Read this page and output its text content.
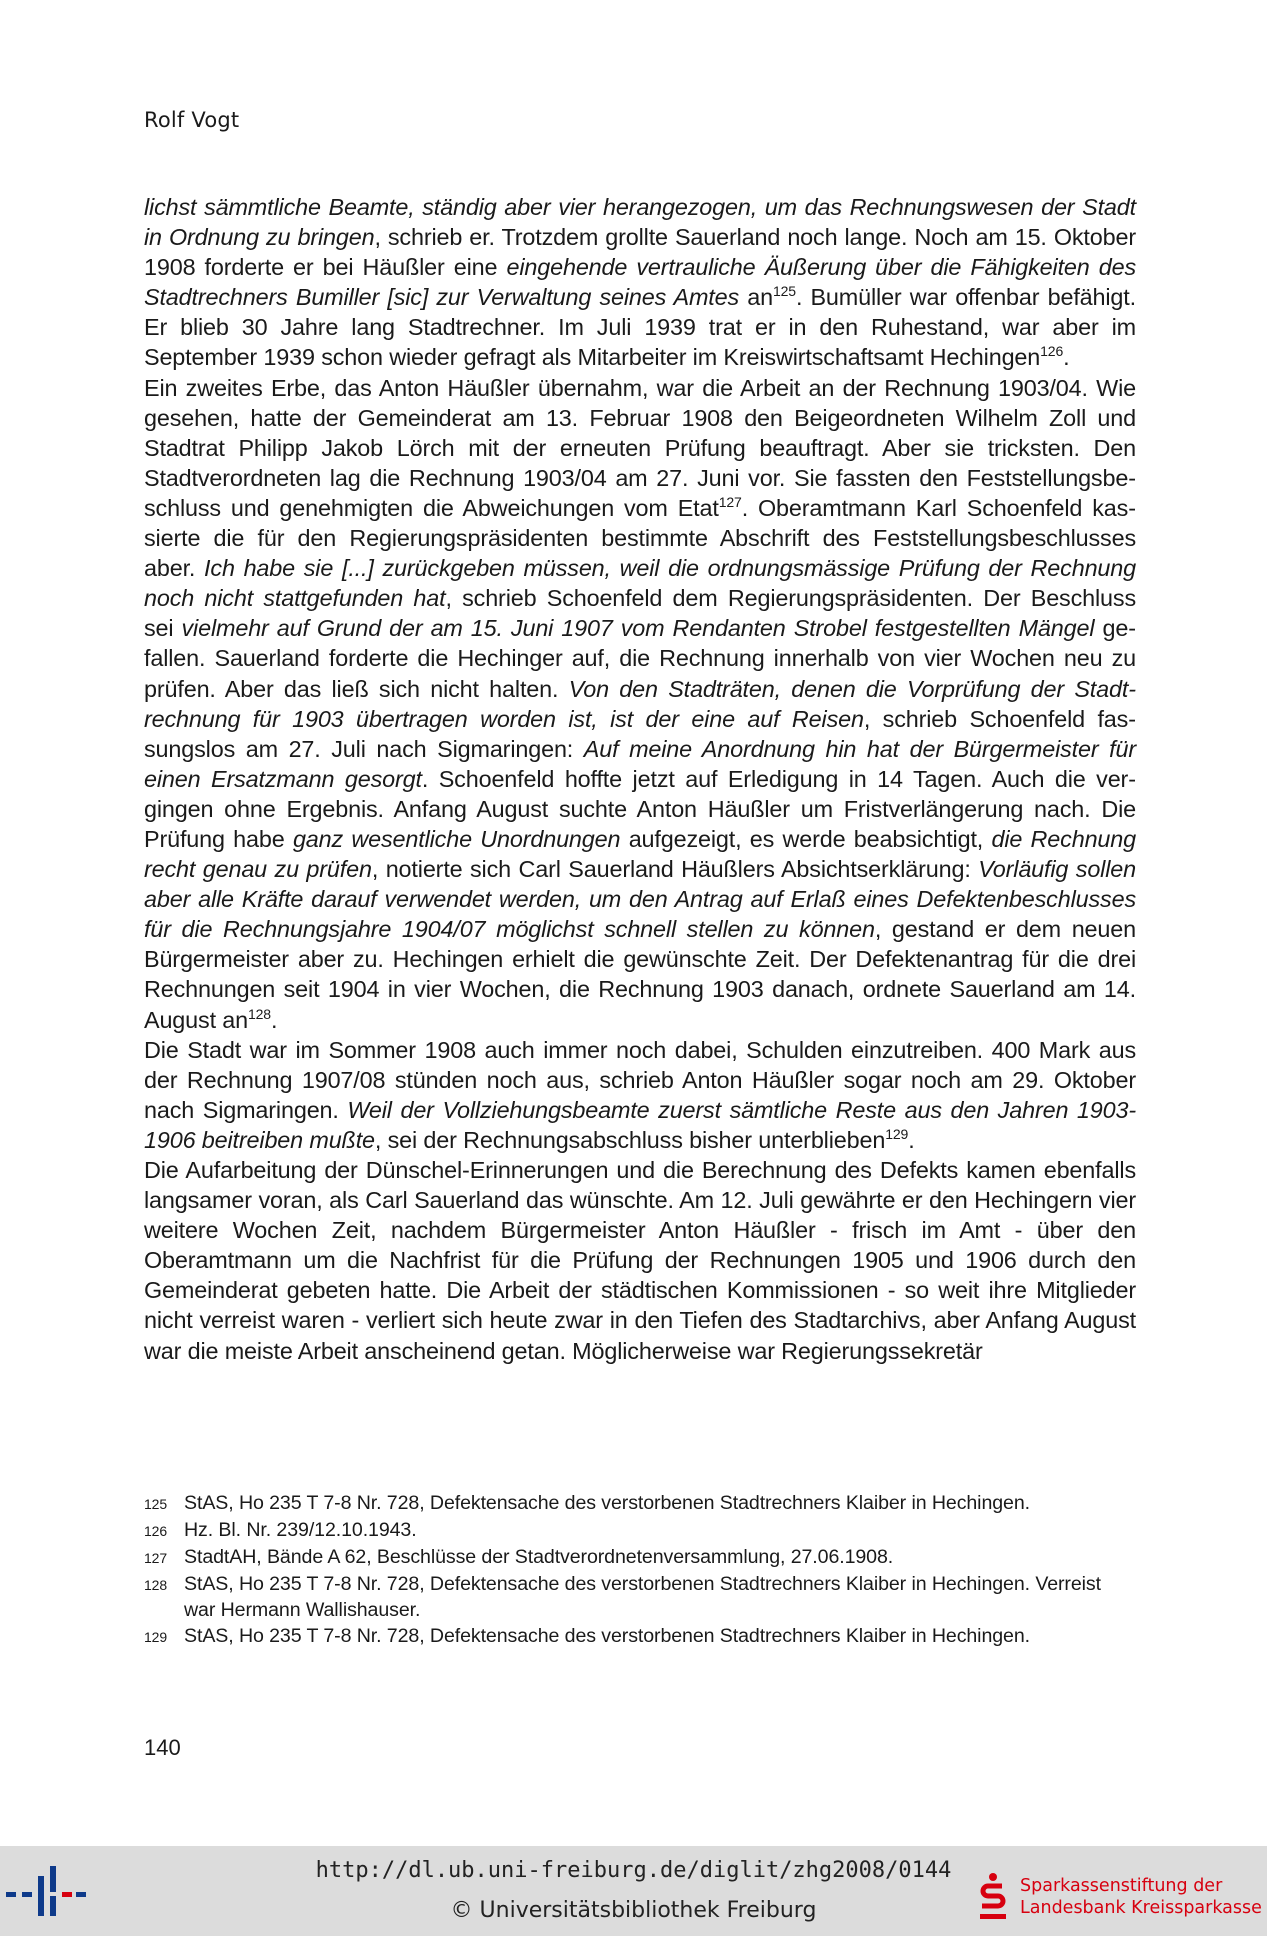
Rolf Vogt

lichst sämmtliche Beamte, ständig aber vier herangezogen, um das Rechnungswesen der Stadt in Ordnung zu bringen, schrieb er. Trotzdem grollte Sauerland noch lange. Noch am 15. Oktober 1908 forderte er bei Häußler eine eingehende vertrauliche Äußerung über die Fähigkeiten des Stadtrechners Bumiller [sic] zur Verwaltung seines Amtes $an^{125}$. Bumüller war offenbar befähigt. Er blieb 30 Jahre lang Stadtrechner. Im Juli 1939 trat er in den Ruhestand, war aber im September 1939 schon wieder gefragt als Mitarbeiter im Kreiswirtschaftsamt Hechingen$^{126}$.

Ein zweites Erbe, das Anton Häußler übernahm, war die Arbeit an der Rechnung 1903/04. Wie gesehen, hatte der Gemeinderat am 13. Februar 1908 den Beigeordneten Wilhelm Zoll und Stadtrat Philipp Jakob Lörch mit der erneuten Prüfung beauftragt. Aber sie tricksten. Den Stadtverordneten lag die Rechnung 1903/04 am 27. Juni vor. Sie fassten den Feststellungsbeschluss und genehmigten die Abweichungen vom Etat$^{127}$. Oberamtmann Karl Schoenfeld kassierte die für den Regierungspräsidenten bestimmte Abschrift des Feststellungsbeschlusses aber. Ich habe sie [...] zurückgeben müssen, weil die ordnungsmässige Prüfung der Rechnung noch nicht stattgefunden hat, schrieb Schoenfeld dem Regierungspräsidenten. Der Beschluss sei vielmehr auf Grund der am 15. Juni 1907 vom Rendanten Strobel festgestellten Mängel gefallen. Sauerland forderte die Hechinger auf, die Rechnung innerhalb von vier Wochen neu zu prüfen. Aber das ließ sich nicht halten. Von den Stadträten, denen die Vorprüfung der Stadtrechnung für 1903 übertragen worden ist, ist der eine auf Reisen, schrieb Schoenfeld fassungslos am 27. Juli nach Sigmaringen: Auf meine Anordnung hin hat der Bürgermeister für einen Ersatzmann gesorgt. Schoenfeld hoffte jetzt auf Erledigung in 14 Tagen. Auch die vergingen ohne Ergebnis. Anfang August suchte Anton Häußler um Fristverlängerung nach. Die Prüfung habe ganz wesentliche Unordnungen aufgezeigt, es werde beabsichtigt, die Rechnung recht genau zu prüfen, notierte sich Carl Sauerland Häußlers Absichtserklärung: Vorläufig sollen aber alle Kräfte darauf verwendet werden, um den Antrag auf Erlaß eines Defektenbeschlusses für die Rechnungsjahre 1904/07 möglichst schnell stellen zu können, gestand er dem neuen Bürgermeister aber zu. Hechingen erhielt die gewünschte Zeit. Der Defektenantrag für die drei Rechnungen seit 1904 in vier Wochen, die Rechnung 1903 danach, ordnete Sauerland am 14. August $an^{128}$.

Die Stadt war im Sommer 1908 auch immer noch dabei, Schulden einzutreiben. 400 Mark aus der Rechnung 1907/08 stünden noch aus, schrieb Anton Häußler sogar noch am 29. Oktober nach Sigmaringen. Weil der Vollziehungsbeamte zuerst sämtliche Reste aus den Jahren 1903-1906 beitreiben mußte, sei der Rechnungsabschluss bisher unterblieben$^{129}$.

Die Aufarbeitung der Dünschel-Erinnerungen und die Berechnung des Defekts kamen ebenfalls langsamer voran, als Carl Sauerland das wünschte. Am 12. Juli gewährte er den Hechingern vier weitere Wochen Zeit, nachdem Bürgermeister Anton Häußler - frisch im Amt - über den Oberamtmann um die Nachfrist für die Prüfung der Rechnungen 1905 und 1906 durch den Gemeinderat gebeten hatte. Die Arbeit der städtischen Kommissionen - so weit ihre Mitglieder nicht verreist waren - verliert sich heute zwar in den Tiefen des Stadtarchivs, aber Anfang August war die meiste Arbeit anscheinend getan. Möglicherweise war Regierungssekretär

125 StAS, Ho 235 T 7-8 Nr. 728, Defektensache des verstorbenen Stadtrechners Klaiber in Hechingen.
126 Hz. Bl. Nr. 239/12.10.1943.
127 StadtAH, Bände A 62, Beschlüsse der Stadtverordnetenversammlung, 27.06.1908.
128 StAS, Ho 235 T 7-8 Nr. 728, Defektensache des verstorbenen Stadtrechners Klaiber in Hechingen. Verreist war Hermann Wallishauser.
129 StAS, Ho 235 T 7-8 Nr. 728, Defektensache des verstorbenen Stadtrechners Klaiber in Hechingen.
140
http://dl.ub.uni-freiburg.de/diglit/zhg2008/0144
© Universitätsbibliothek Freiburg
Sparkassenstiftung der
Landesbank Kreissparkasse
